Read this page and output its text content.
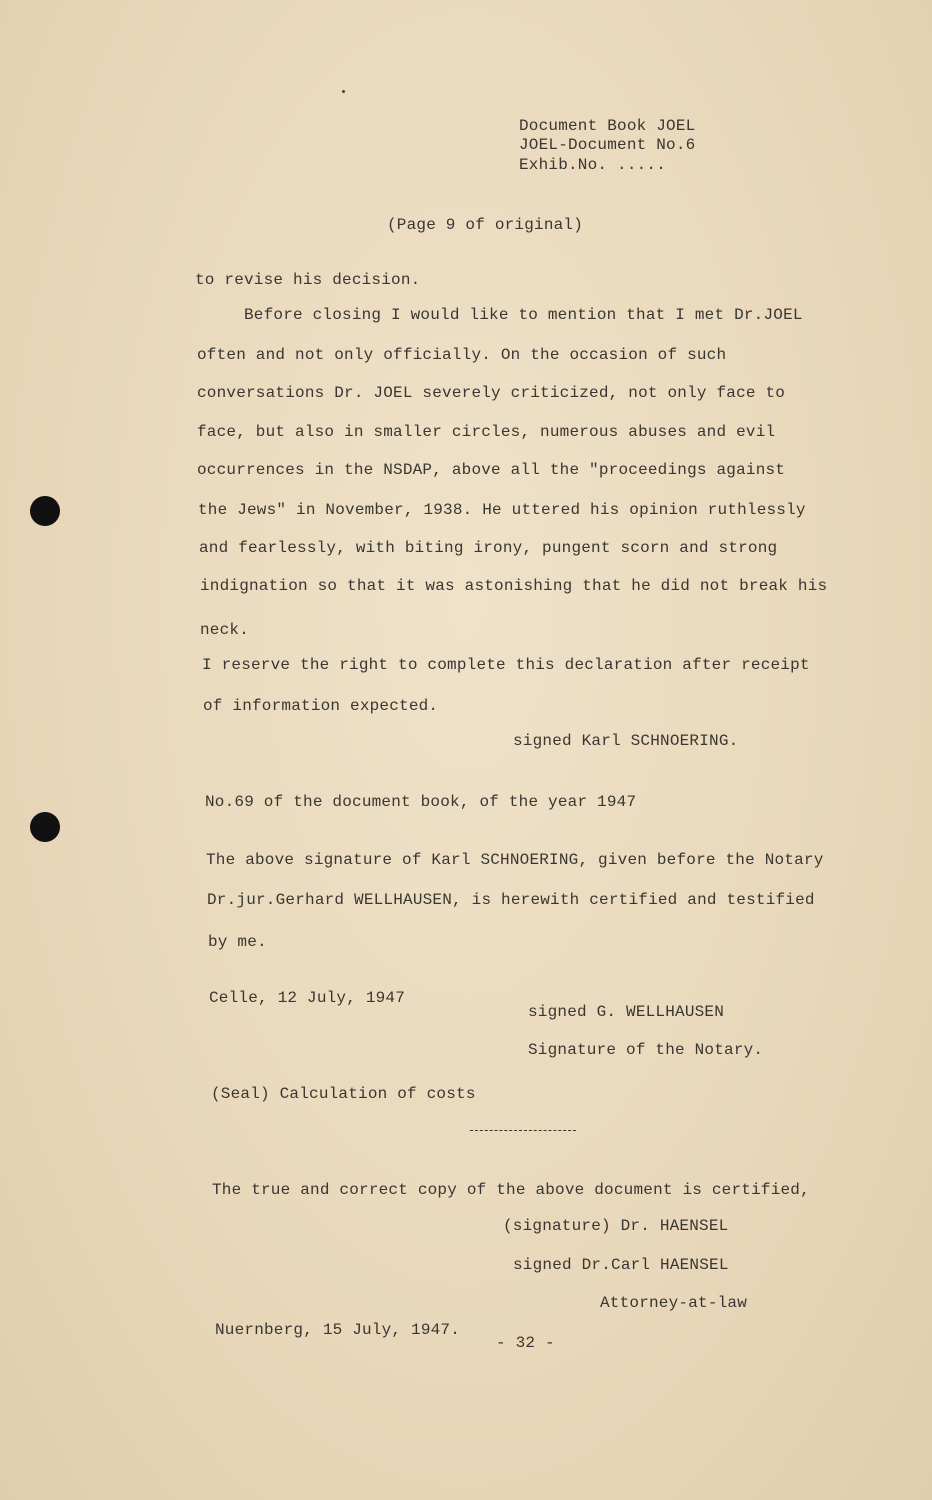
Document Book JOEL
JOEL-Document No.6
Exhib.No. .....
(Page 9 of original)
to revise his decision.
Before closing I would like to mention that I met Dr.JOEL
often and not only officially. On the occasion of such
conversations Dr. JOEL severely criticized, not only face to
face, but also in smaller circles, numerous abuses and evil
occurrences in the NSDAP, above all the "proceedings against
the Jews" in November, 1938. He uttered his opinion ruthlessly
and fearlessly, with biting irony, pungent scorn and strong
indignation so that it was astonishing that he did not break his
neck.
I reserve the right to complete this declaration after receipt
of information expected.
signed Karl SCHNOERING.
No.69 of the document book, of the year 1947
The above signature of Karl SCHNOERING, given before the Notary
Dr.jur.Gerhard WELLHAUSEN, is herewith certified and testified
by me.
Celle, 12 July, 1947
signed G. WELLHAUSEN
Signature of the Notary.
(Seal) Calculation of costs
The true and correct copy of the above document is certified,
(signature) Dr. HAENSEL
signed Dr.Carl HAENSEL
Attorney-at-law
Nuernberg, 15 July, 1947.
- 32 -
